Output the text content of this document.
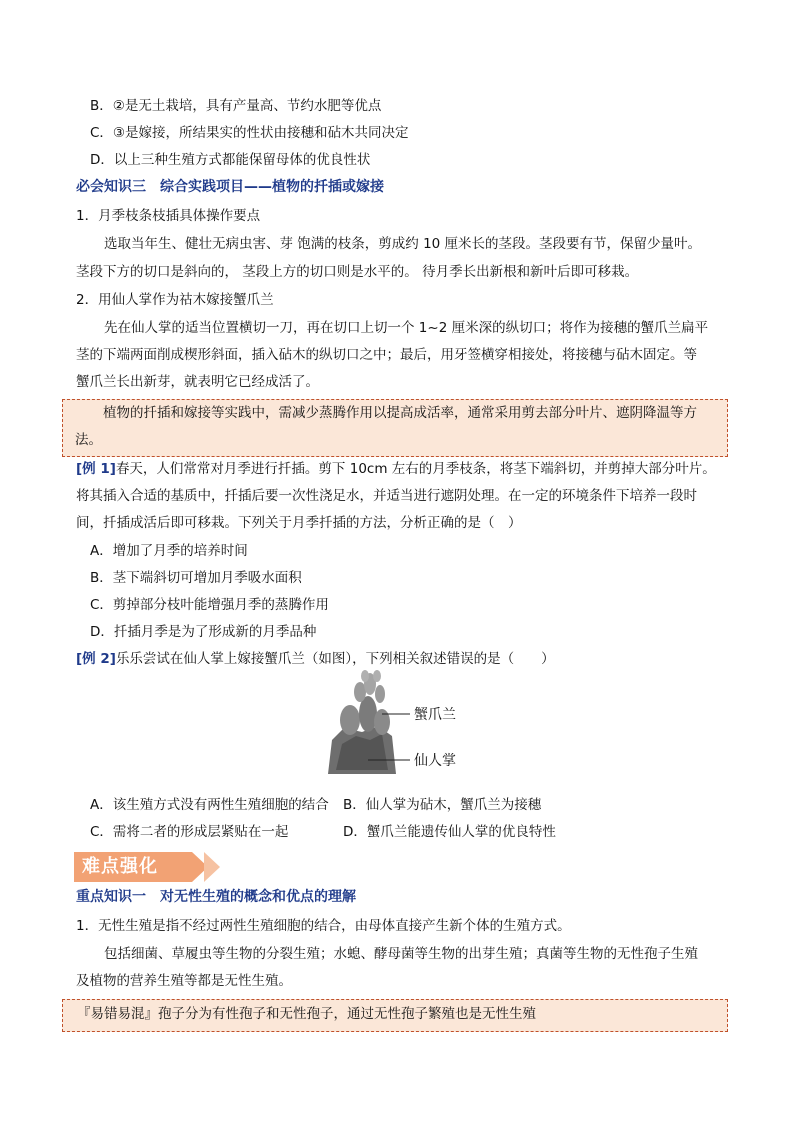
B．②是无土栽培，具有产量高、节约水肥等优点
C．③是嫁接，所结果实的性状由接穗和砧木共同决定
D．以上三种生殖方式都能保留母体的优良性状
必会知识三　综合实践项目——植物的扦插或嫁接
1．月季枝条枝插具体操作要点
选取当年生、健壮无病虫害、芽 饱满的枝条，剪成约 10 厘米长的茎段。茎段要有节，保留少量叶。
茎段下方的切口是斜向的， 茎段上方的切口则是水平的。 待月季长出新根和新叶后即可移栽。
2．用仙人掌作为祜木嫁接蟹爪兰
先在仙人掌的适当位置横切一刀，再在切口上切一个 1~2 厘米深的纵切口；将作为接穗的蟹爪兰扁平
茎的下端两面削成楔形斜面，插入砧木的纵切口之中；最后，用牙签横穿相接处，将接穗与砧木固定。等
蟹爪兰长出新芽，就表明它已经成活了。
植物的扦插和嫁接等实践中，需减少蒸腾作用以提高成活率，通常采用剪去部分叶片、遮阴降温等方
法。
[例 1]春天，人们常常对月季进行扦插。剪下 10cm 左右的月季枝条，将茎下端斜切，并剪掉大部分叶片。
将其插入合适的基质中，扦插后要一次性浇足水，并适当进行遮阴处理。在一定的环境条件下培养一段时
间，扦插成活后即可移栽。下列关于月季扦插的方法，分析正确的是（　）
A．增加了月季的培养时间
B．茎下端斜切可增加月季吸水面积
C．剪掉部分枝叶能增强月季的蒸腾作用
D．扦插月季是为了形成新的月季品种
[例 2]乐乐尝试在仙人掌上嫁接蟹爪兰（如图），下列相关叙述错误的是（　　）
蟹爪兰
仙人掌
A．该生殖方式没有两性生殖细胞的结合 B．仙人掌为砧木，蟹爪兰为接穗
C．需将二者的形成层紧贴在一起	D．蟹爪兰能遗传仙人掌的优良特性
难点强化
重点知识一　对无性生殖的概念和优点的理解
1．无性生殖是指不经过两性生殖细胞的结合，由母体直接产生新个体的生殖方式。
包括细菌、草履虫等生物的分裂生殖；水螅、酵母菌等生物的出芽生殖；真菌等生物的无性孢子生殖
及植物的营养生殖等都是无性生殖。
『易错易混』孢子分为有性孢子和无性孢子，通过无性孢子繁殖也是无性生殖
